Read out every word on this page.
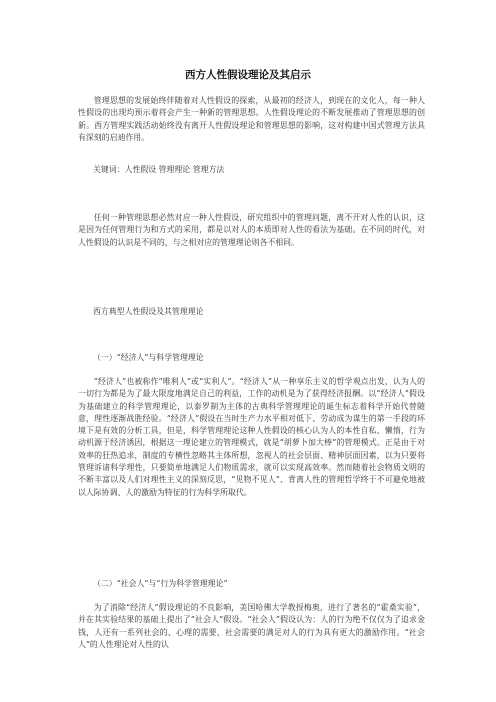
西方人性假设理论及其启示

管理思想的发展始终伴随着对人性假设的探索，从最初的经济人，到现在的文化人，每一种人性假设的出现均预示着将会产生一种新的管理思想。人性假设理论的不断发展推动了管理思想的创新。西方管理实践活动始终没有离开人性假设理论和管理思想的影响，这对构建中国式管理方法具有深刻的启迪作用。

关键词：人性假设 管理理论 管理方法

任何一种管理思想必然对应一种人性假设，研究组织中的管理问题，离不开对人性的认识，这是因为任何管理行为和方式的采用，都是以对人的本质即对人性的看法为基础。在不同的时代，对人性假设的认识是不同的，与之相对应的管理理论则各不相同。

西方典型人性假设及其管理理论
（一）“经济人”与科学管理理论

“经济人”也被称作“唯利人”或“实利人”。“经济人”从一种享乐主义的哲学观点出发，认为人的一切行为都是为了最大限度地满足自己的利益，工作的动机是为了获得经济报酬。以“经济人”假设为基础建立的科学管理理论，以泰罗制为主体的古典科学管理理论的诞生标志着科学开始代替随意，理性逐渐战胜经验。“经济人”假设在当时生产力水平相对低下、劳动成为谋生的第一手段的环境下是有效的分析工具，但是，科学管理理论这种人性假设的核心认为人的本性自私、懒惰，行为动机源于经济诱因，根据这一理论建立的管理模式，就是“胡萝卜加大棒”的管理模式。正是由于对效率的狂热追求，制度的专横性忽略其主体所想，忽视人的社会层面、精神层面因素，以为只要将管理诉诸科学理性，只要简单地满足人们物质需求，就可以实现高效率。然而随着社会物质文明的不断丰富以及人们对理性主义的深刻反思，“见物不见人”、背离人性的管理哲学终于不可避免地被以人际协调、人的激励为特征的行为科学所取代。

（二）“社会人”与“行为科学管理理论”

为了消除“经济人”假设理论的不良影响，美国哈佛大学教授梅奥，进行了著名的“霍桑实验”，并在其实验结果的基础上提出了“社会人”假设。“社会人”假设认为：人的行为绝不仅仅为了追求金钱，人还有一系列社会的、心理的需要，社会需要的满足对人的行为具有更大的激励作用。“社会人”的人性理论对人性的认
